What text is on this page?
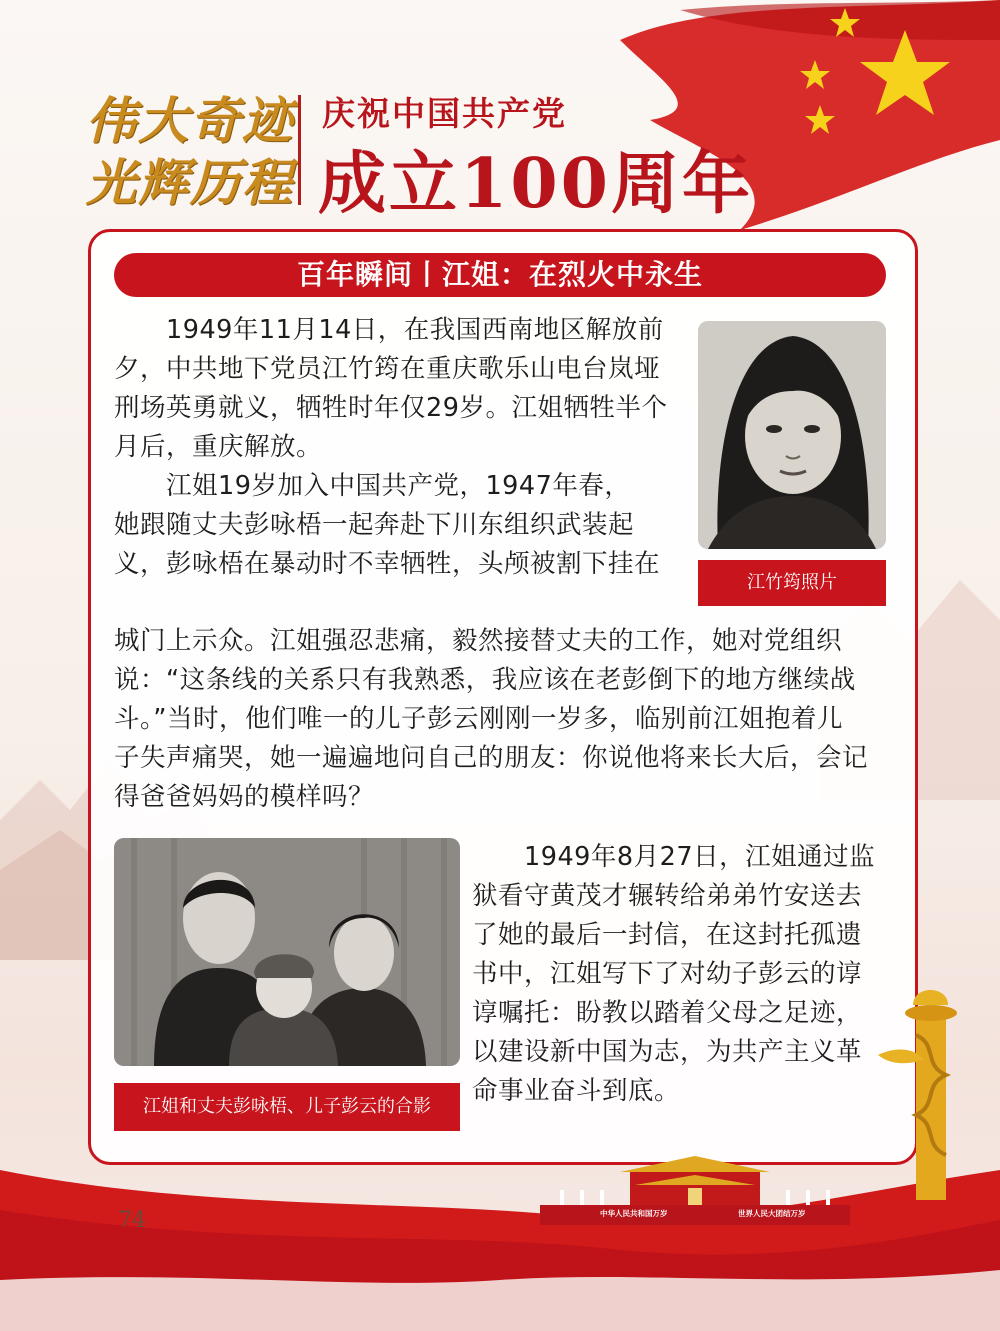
伟大奇迹
光辉历程
庆祝中国共产党
成立100周年
百年瞬间丨江姐：在烈火中永生

1949年11月14日，在我国西南地区解放前

夕，中共地下党员江竹筠在重庆歌乐山电台岚垭

刑场英勇就义，牺牲时年仅29岁。江姐牺牲半个

月后，重庆解放。

江姐19岁加入中国共产党，1947年春，

她跟随丈夫彭咏梧一起奔赴下川东组织武装起

义，彭咏梧在暴动时不幸牺牲，头颅被割下挂在

城门上示众。江姐强忍悲痛，毅然接替丈夫的工作，她对党组织

说：“这条线的关系只有我熟悉，我应该在老彭倒下的地方继续战

斗。”当时，他们唯一的儿子彭云刚刚一岁多，临别前江姐抱着儿

子失声痛哭，她一遍遍地问自己的朋友：你说他将来长大后，会记

得爸爸妈妈的模样吗？

1949年8月27日，江姐通过监

狱看守黄茂才辗转给弟弟竹安送去

了她的最后一封信，在这封托孤遗

书中，江姐写下了对幼子彭云的谆

谆嘱托：盼教以踏着父母之足迹，

以建设新中国为志，为共产主义革

命事业奋斗到底。

江竹筠照片
江姐和丈夫彭咏梧、儿子彭云的合影
中华人民共和国万岁	世界人民大团结万岁
74
